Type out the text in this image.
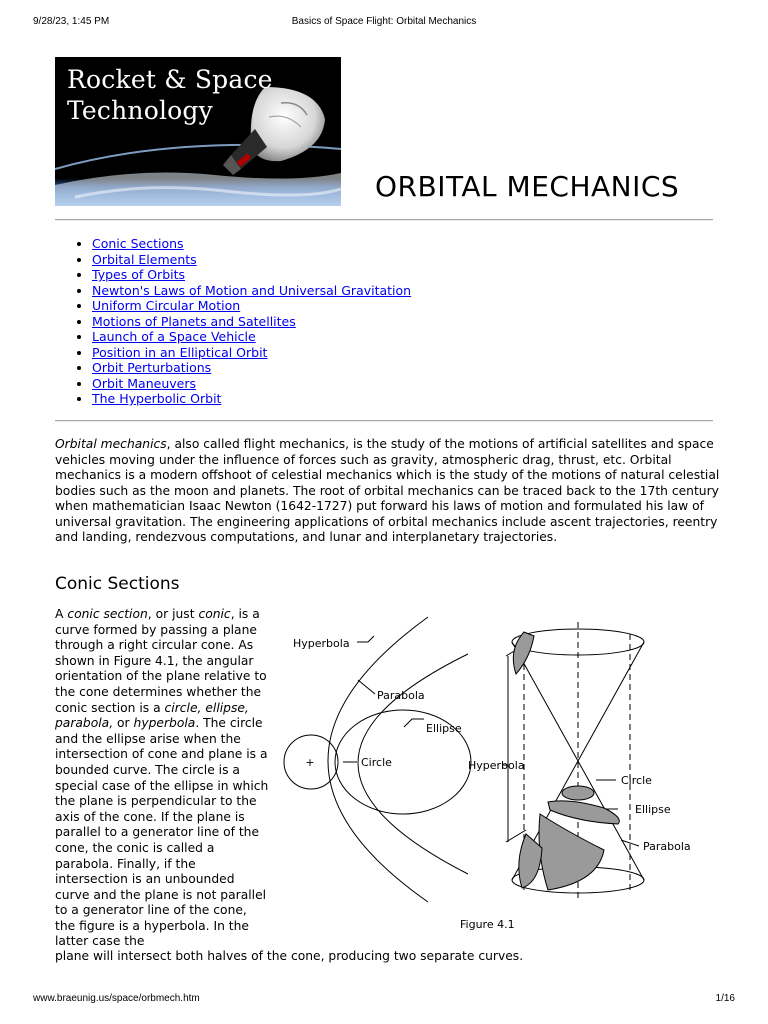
9/28/23, 1:45 PM	Basics of Space Flight: Orbital Mechanics
Rocket & Space
Technology
ORBITAL MECHANICS
• Conic Sections
• Orbital Elements
• Types of Orbits
• Newton's Laws of Motion and Universal Gravitation
• Uniform Circular Motion
• Motions of Planets and Satellites
• Launch of a Space Vehicle
• Position in an Elliptical Orbit
• Orbit Perturbations
• Orbit Maneuvers
• The Hyperbolic Orbit

Orbital mechanics, also called flight mechanics, is the study of the motions of artificial satellites and space vehicles moving under the influence of forces such as gravity, atmospheric drag, thrust, etc. Orbital mechanics is a modern offshoot of celestial mechanics which is the study of the motions of natural celestial bodies such as the moon and planets. The root of orbital mechanics can be traced back to the 17th century when mathematician Isaac Newton (1642-1727) put forward his laws of motion and formulated his law of universal gravitation. The engineering applications of orbital mechanics include ascent trajectories, reentry and landing, rendezvous computations, and lunar and interplanetary trajectories.

Conic Sections

A conic section, or just conic, is a curve formed by passing a plane through a right circular cone. As shown in Figure 4.1, the angular orientation of the plane relative to the cone determines whether the conic section is a circle, ellipse, parabola, or hyperbola. The circle and the ellipse arise when the intersection of cone and plane is a bounded curve. The circle is a special case of the ellipse in which the plane is perpendicular to the axis of the cone. If the plane is parallel to a generator line of the cone, the conic is called a parabola. Finally, if the intersection is an unbounded curve and the plane is not parallel to a generator line of the cone, the figure is a hyperbola. In the latter case the

plane will intersect both halves of the cone, producing two separate curves.

Hyperbola
Parabola
Ellipse
Circle
+	Hyperbola
Circle
Ellipse
Parabola
Figure 4.1
www.braeunig.us/space/orbmech.htm	1/16
